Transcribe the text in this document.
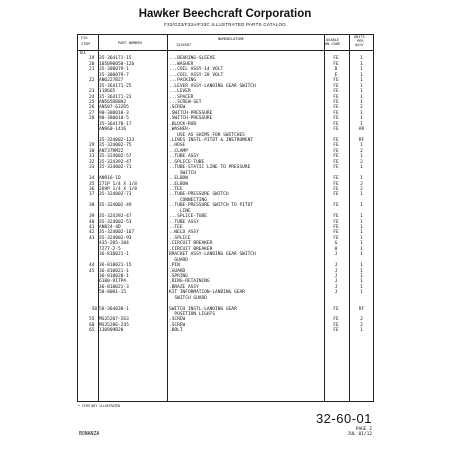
Hawker Beechcraft Corporation
F33/G33/F33A/F33C ILLUSTRATED PARTS CATALOG
FIG
ITEM	PART NUMBER
NOMENCLATURE
1234567
USABLE
ON CODE
UNITS
PER
ASSY
01
19 35-364171-15	...BEARING-SLEEVE	FE	1
20 105090050-126	...WASHER	FE	1
21 35-380079-1	...COIL ASSY-14 VOLT	D	1
35-380079-7	...COIL ASSY-28 VOLT	E	1
22 AN6227B27	...PACKING	FE	1
35-364171-25	..LEVER ASSY-LANDING GEAR SWITCH	FE	1
23 118665	...LEVER	FE	1
24 35-364171-23	...SPACER	FE	1
25 AN565DB8H2	...SCREW-SET	FE	1
26 AN507-632R5	.SCREW	FE	2
27 90-380010-3	.SWITCH-PRESSURE	FE	1
28 90-380010-5	.SWITCH-PRESSURE	FE	1
35-364170-17	.BLOCK-RUB	FE	1
AN960-1416	.WASHER-	FE	AR
USE AS SHIMS FOR SWITCHES
35-324002-123	.LINES INSTL-PITOT & INSTRUMENT	FE	RF
29 35-324002-75	..HOSE	FE	1
30 AN737RM22	..CLAMP	FE	2
31 35-324002-57	..TUBE ASSY	FE	1
32 35-324392-47	..SPLICE-TUBE	FE	2
33 35-324002-71	..TUBE-STATIC LINE TO PRESSURE	FE	1
SWITCH
34 AN916-1D	..ELBOW	FE	1
35 271P 1/4 X 1/8	..ELBOW	FE	2
36 269P 1/4 X 1/8	..TEE	FE	2
37 35-324002-73	..TUBE-PRESSURE SWITCH	FE	1
CONNECTING
38 35-324002-49	..TUBE-PRESSURE SWITCH TO PITOT	FE	1
LINE
39 35-324392-47	...SPLICE-TUBE	FE	1
40 35-324002-53	..TUBE ASSY	FE	1
41 AN824-4D	..TEE	FE	1
42 35-324002-167	..WELD ASSY	FE	1
43 35-324002-93	..SPLICE	FE	1
435-205-104	.CIRCUIT BREAKER	G	1
7277-2-5	.CIRCUIT BREAKER	H	1
36-810021-1	BRACKET ASSY-LANDING GEAR SWITCH	J	1
GUARD
44 36-810021-15	.PIN	J	1
45 36-810021-1	.GUARD	J	1
36-810020-1	.SPRING	J	1
6100-91TPA	.RING-RETAINING	J	1
36-810021-3	.BRAZE ASSY	J	1
58-8001-15	KIT INFORMATION-LANDING GEAR	J	1
SWITCH GUARD
-50 58-364038-1	SWITCH INSTL-LANDING GEAR	FE	RF
POSITION LIGHTS
55 MS35207-263	.SCREW	FE	2
60 MS35206-245	.SCREW	FE	2
65 130909B20	.BOLT	FE	1
* ITEM NOT ILLUSTRATED
32-60-01
PAGE 2
JUL 01/12
BONANZA
